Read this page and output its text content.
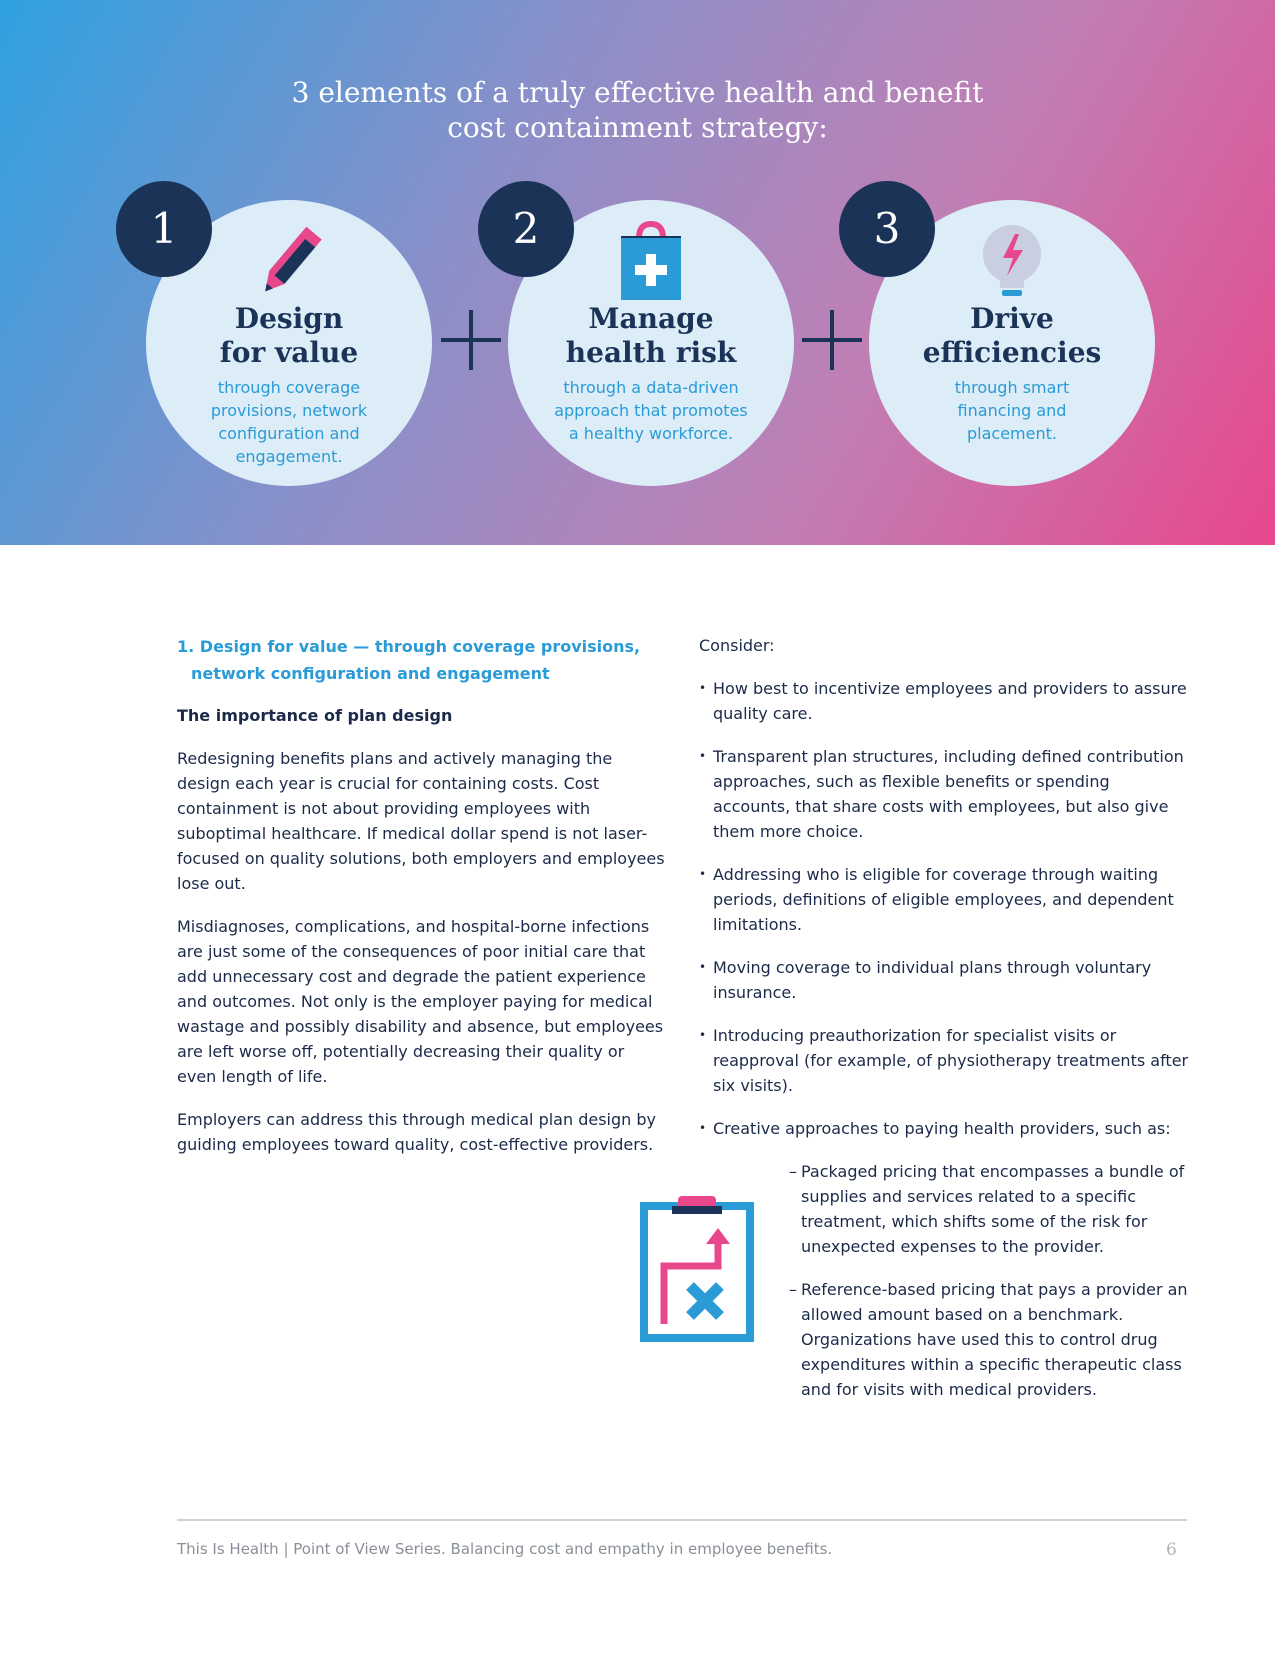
3 elements of a truly effective health and benefit
cost containment strategy:
Design
for value
through coverage
provisions, network
configuration and
engagement.
1
Manage
health risk
through a data-driven
approach that promotes
a healthy workforce.
2
Drive
efficiencies
through smart
financing and
placement.
3
1. Design for value — through coverage provisions,
network configuration and engagement
The importance of plan design

Redesigning benefits plans and actively managing the design each year is crucial for containing costs. Cost containment is not about providing employees with suboptimal healthcare. If medical dollar spend is not laser-focused on quality solutions, both employers and employees lose out.

Misdiagnoses, complications, and hospital-borne infections are just some of the consequences of poor initial care that add unnecessary cost and degrade the patient experience and outcomes. Not only is the employer paying for medical wastage and possibly disability and absence, but employees are left worse off, potentially decreasing their quality or even length of life.

Employers can address this through medical plan design by guiding employees toward quality, cost-effective providers.

Consider:

• How best to incentivize employees and providers to assure quality care.
• Transparent plan structures, including defined contribution approaches, such as flexible benefits or spending accounts, that share costs with employees, but also give them more choice.
• Addressing who is eligible for coverage through waiting periods, definitions of eligible employees, and dependent limitations.
• Moving coverage to individual plans through voluntary insurance.
• Introducing preauthorization for specialist visits or reapproval (for example, of physiotherapy treatments after six visits).
• Creative approaches to paying health providers, such as:
– Packaged pricing that encompasses a bundle of supplies and services related to a specific treatment, which shifts some of the risk for unexpected expenses to the provider.
– Reference-based pricing that pays a provider an allowed amount based on a benchmark. Organizations have used this to control drug expenditures within a specific therapeutic class and for visits with medical providers.
This Is Health | Point of View Series. Balancing cost and empathy in employee benefits.	6
